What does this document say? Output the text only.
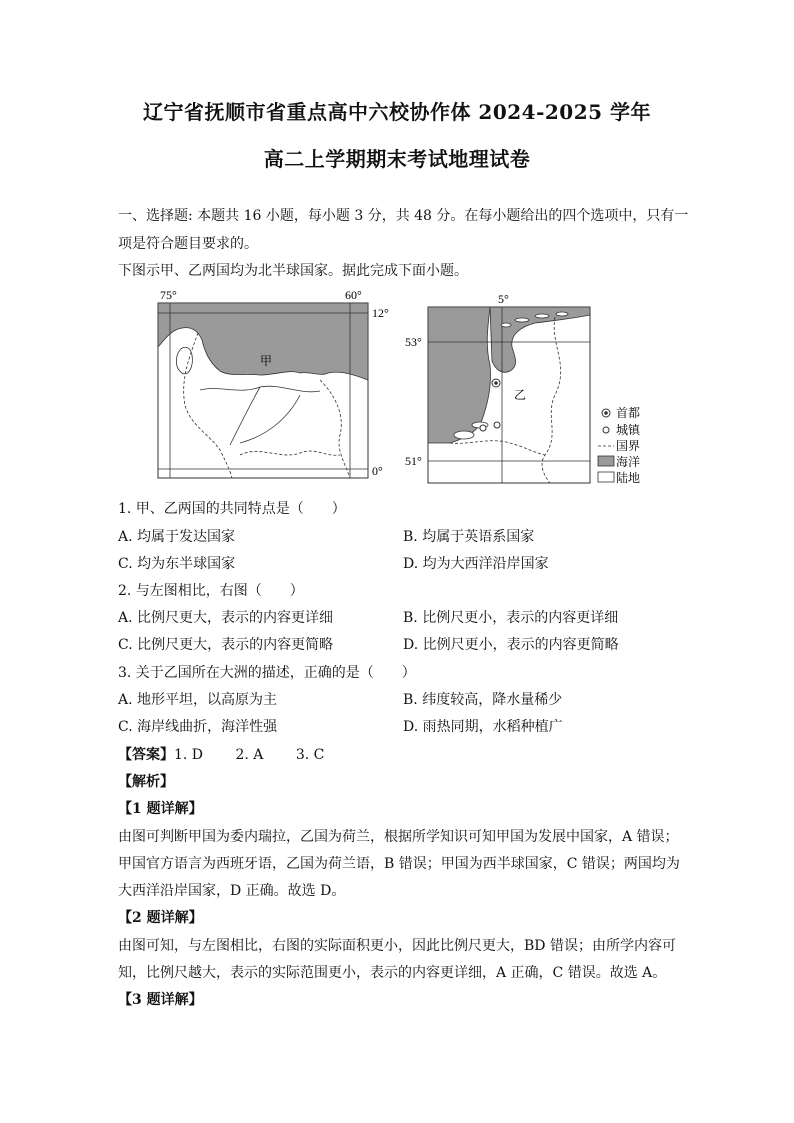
辽宁省抚顺市省重点高中六校协作体 2024-2025 学年
高二上学期期末考试地理试卷
一、选择题: 本题共 16 小题，每小题 3 分，共 48 分。在每小题给出的四个选项中，只有一
项是符合题目要求的。
下图示甲、乙两国均为北半球国家。据此完成下面小题。
75°	60°
甲
12°
0°
5°
乙
53°
51°
首都
城镇
国界
海洋
陆地
1. 甲、乙两国的共同特点是（　　）
A. 均属于发达国家	B. 均属于英语系国家
C. 均为东半球国家	D. 均为大西洋沿岸国家
2. 与左图相比，右图（　　）
A. 比例尺更大，表示的内容更详细	B. 比例尺更小，表示的内容更详细
C. 比例尺更大，表示的内容更简略	D. 比例尺更小，表示的内容更简略
3. 关于乙国所在大洲的描述，正确的是（　　）
A. 地形平坦，以高原为主	B. 纬度较高，降水量稀少
C. 海岸线曲折，海洋性强	D. 雨热同期，水稻种植广
【答案】1. D　　 2. A　　 3. C
【解析】
【1 题详解】
由图可判断甲国为委内瑞拉，乙国为荷兰，根据所学知识可知甲国为发展中国家，A 错误；
甲国官方语言为西班牙语，乙国为荷兰语，B 错误；甲国为西半球国家，C 错误；两国均为
大西洋沿岸国家，D 正确。故选 D。
【2 题详解】
由图可知，与左图相比，右图的实际面积更小，因此比例尺更大，BD 错误；由所学内容可
知，比例尺越大，表示的实际范围更小，表示的内容更详细，A 正确，C 错误。故选 A。
【3 题详解】
